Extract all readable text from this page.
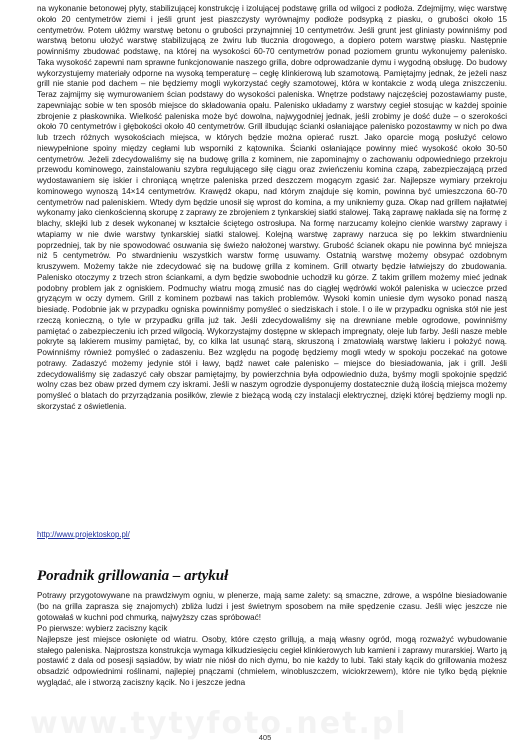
na wykonanie betonowej płyty, stabilizującej konstrukcję i izolującej podstawę grilla od wilgoci z podłoża. Zdejmijmy, więc warstwę około 20 centymetrów ziemi i jeśli grunt jest piaszczysty wyrównajmy podłoże podsypką z piasku, o grubości około 15 centymetrów. Potem ułóżmy warstwę betonu o grubości przynajmniej 10 centymetrów. Jeśli grunt jest gliniasty powinniśmy pod warstwą betonu ułożyć warstwę stabilizującą ze żwiru lub tłucznia drogowego, a dopiero potem warstwę piasku. Następnie powinniśmy zbudować podstawę, na której na wysokości 60-70 centymetrów ponad poziomem gruntu wykonujemy palenisko. Taka wysokość zapewni nam sprawne funkcjonowanie naszego grilla, dobre odprowadzanie dymu i wygodną obsługę. Do budowy wykorzystujemy materiały odporne na wysoką temperaturę – cegłę klinkierową lub szamotową. Pamiętajmy jednak, że jeżeli nasz grill nie stanie pod dachem – nie będziemy mogli wykorzystać cegły szamotowej, która w kontakcie z wodą ulega zniszczeniu. Teraz zajmijmy się wymurowaniem ścian podstawy do wysokości paleniska. Wnętrze podstawy najczęściej pozostawiamy puste, zapewniając sobie w ten sposób miejsce do składowania opału. Palenisko układamy z warstwy cegieł stosując w każdej spoinie zbrojenie z płaskownika. Wielkość paleniska może być dowolna, najwygodniej jednak, jeśli zrobimy je dość duże – o szerokości około 70 centymetrów i głębokości około 40 centymetrów. Grill ilbudując ścianki osłaniające palenisko pozostawmy w nich po dwa lub trzech różnych wysokościach miejsca, w których będzie można opierać ruszt. Jako oparcie mogą posłużyć celowo niewypełnione spoiny między cegłami lub wsporniki z kątownika. Ścianki osłaniające powinny mieć wysokość około 30-50 centymetrów. Jeżeli zdecydowaliśmy się na budowę grilla z kominem, nie zapominajmy o zachowaniu odpowiedniego przekroju przewodu kominowego, zainstalowaniu szybra regulującego siłę ciągu oraz zwieńczeniu komina czapą, zabezpieczającą przed wydostawaniem się iskier i chroniącą wnętrze paleniska przed deszczem mogącym zgasić żar. Najlepsze wymiary przekroju kominowego wynoszą 14×14 centymetrów. Krawędź okapu, nad którym znajduje się komin, powinna być umieszczona 60-70 centymetrów nad paleniskiem. Wtedy dym będzie unosił się wprost do komina, a my unikniemy guza. Okap nad grillem najłatwiej wykonamy jako cienkościenną skorupę z zaprawy ze zbrojeniem z tynkarskiej siatki stalowej. Taką zaprawę nakłada się na formę z blachy, sklejki lub z desek wykonanej w kształcie ściętego ostrosłupa. Na formę narzucamy kolejno cienkie warstwy zaprawy i wtapiamy w nie dwie warstwy tynkarskiej siatki stalowej. Kolejną warstwę zaprawy narzuca się po lekkim stwardnieniu poprzedniej, tak by nie spowodować osuwania się świeżo nałożonej warstwy. Grubość ścianek okapu nie powinna być mniejsza niż 5 centymetrów. Po stwardnieniu wszystkich warstw formę usuwamy. Ostatnią warstwę możemy obsypać ozdobnym kruszywem. Możemy także nie zdecydować się na budowę grilla z kominem. Grill otwarty będzie łatwiejszy do zbudowania. Palenisko otoczymy z trzech stron ściankami, a dym będzie swobodnie uchodził ku górze. Z takim grillem możemy mieć jednak podobny problem jak z ogniskiem. Podmuchy wiatru mogą zmusić nas do ciągłej wędrówki wokół paleniska w ucieczce przed gryzącym w oczy dymem. Grill z kominem pozbawi nas takich problemów. Wysoki komin uniesie dym wysoko ponad naszą biesiadę. Podobnie jak w przypadku ogniska powinniśmy pomyśleć o siedziskach i stole. I o ile w przypadku ogniska stół nie jest rzeczą konieczną, o tyle w przypadku grilla już tak. Jeśli zdecydowaliśmy się na drewniane meble ogrodowe, powinniśmy pamiętać o zabezpieczeniu ich przed wilgocią. Wykorzystajmy dostępne w sklepach impregnaty, oleje lub farby. Jeśli nasze meble pokryte są lakierem musimy pamiętać, by, co kilka lat usunąć starą, skruszoną i zmatowiałą warstwę lakieru i położyć nową. Powinniśmy również pomyśleć o zadaszeniu. Bez względu na pogodę będziemy mogli wtedy w spokoju poczekać na gotowe potrawy. Zadaszyć możemy jedynie stół i ławy, bądź nawet całe palenisko – miejsce do biesiadowania, jak i grill. Jeśli zdecydowaliśmy się zadaszyć cały obszar pamiętajmy, by powierzchnia była odpowiednio duża, byśmy mogli spokojnie spędzić wolny czas bez obaw przed dymem czy iskrami. Jeśli w naszym ogrodzie dysponujemy dostatecznie dużą ilością miejsca możemy pomyśleć o blatach do przyrządzania posiłków, zlewie z bieżącą wodą czy instalacji elektrycznej, dzięki której będziemy mogli np. skorzystać z oświetlenia.

http://www.projektoskop.pl/
Poradnik grillowania – artykuł

Potrawy przygotowywane na prawdziwym ogniu, w plenerze, mają same zalety: są smaczne, zdrowe, a wspólne biesiadowanie (bo na grilla zaprasza się znajomych) zbliża ludzi i jest świetnym sposobem na miłe spędzenie czasu. Jeśli więc jeszcze nie gotowałaś w kuchni pod chmurką, najwyższy czas spróbować!

Po pierwsze: wybierz zaciszny kącik

Najlepsze jest miejsce osłonięte od wiatru. Osoby, które często grillują, a mają własny ogród, mogą rozważyć wybudowanie stałego paleniska. Najprostsza konstrukcja wymaga kilkudziesięciu cegieł klinkierowych lub kamieni i zaprawy murarskiej. Warto ją postawić z dala od posesji sąsiadów, by wiatr nie niósł do nich dymu, bo nie każdy to lubi. Taki stały kącik do grillowania możesz obsadzić odpowiednimi roślinami, najlepiej pnączami (chmielem, winobluszczem, wiciokrzewem), które nie tylko będą pięknie wyglądać, ale i stworzą zaciszny kącik. No i jeszcze jedna

405
